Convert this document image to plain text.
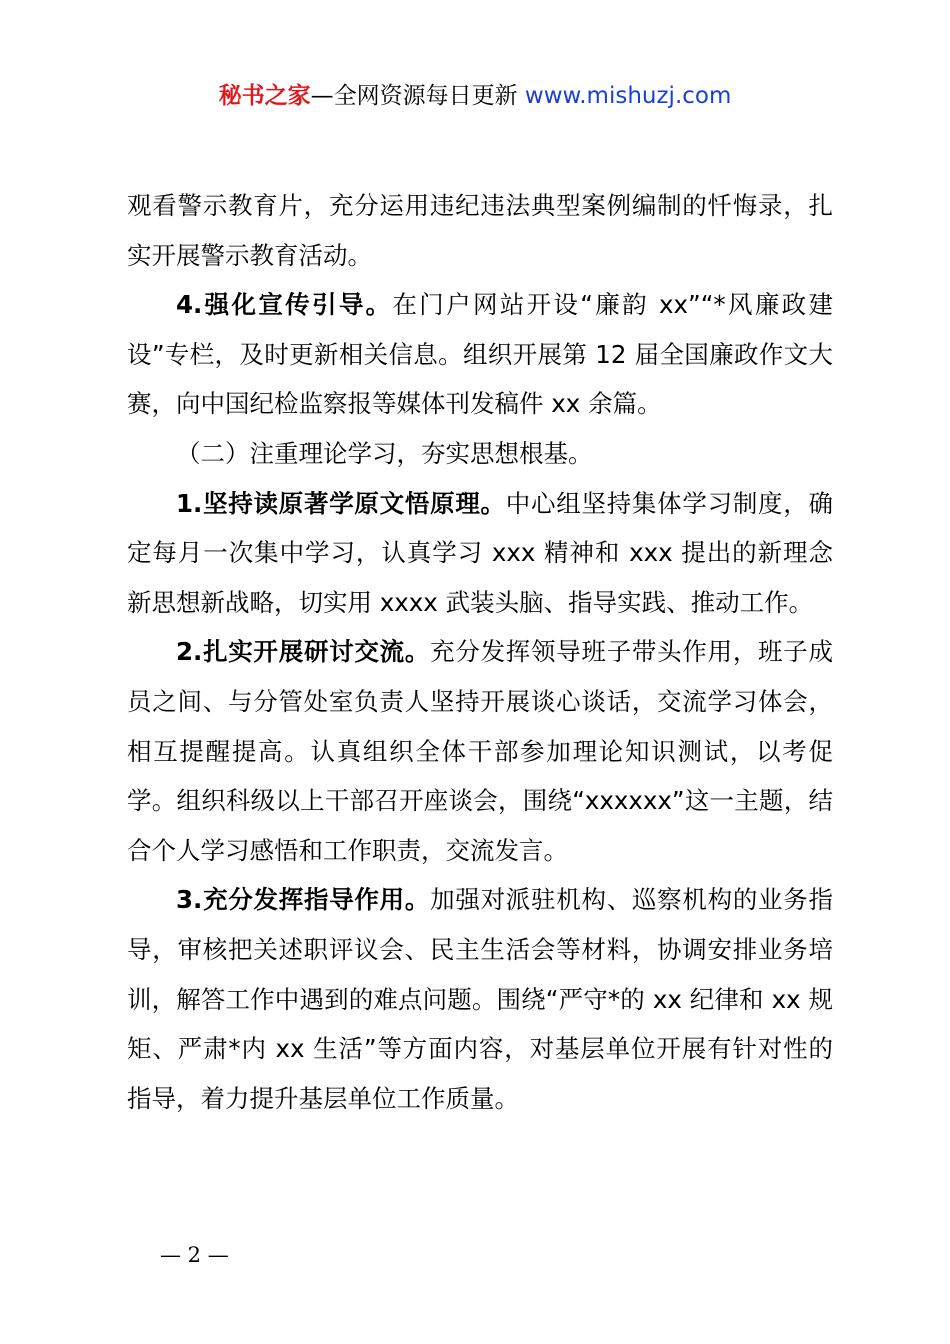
秘书之家—全网资源每日更新 www.mishuzj.com

观看警示教育片，充分运用违纪违法典型案例编制的忏悔录，扎实开展警示教育活动。

4.强化宣传引导。在门户网站开设“廉韵 xx”“*风廉政建设”专栏，及时更新相关信息。组织开展第 12 届全国廉政作文大赛，向中国纪检监察报等媒体刊发稿件 xx 余篇。

（二）注重理论学习，夯实思想根基。

1.坚持读原著学原文悟原理。中心组坚持集体学习制度，确定每月一次集中学习，认真学习 xxx 精神和 xxx 提出的新理念新思想新战略，切实用 xxxx 武装头脑、指导实践、推动工作。

2.扎实开展研讨交流。充分发挥领导班子带头作用，班子成员之间、与分管处室负责人坚持开展谈心谈话，交流学习体会，相互提醒提高。认真组织全体干部参加理论知识测试，以考促学。组织科级以上干部召开座谈会，围绕“xxxxxx”这一主题，结合个人学习感悟和工作职责，交流发言。

3.充分发挥指导作用。加强对派驻机构、巡察机构的业务指导，审核把关述职评议会、民主生活会等材料，协调安排业务培训，解答工作中遇到的难点问题。围绕“严守*的 xx 纪律和 xx 规矩、严肃*内 xx 生活”等方面内容，对基层单位开展有针对性的指导，着力提升基层单位工作质量。

— 2 —
